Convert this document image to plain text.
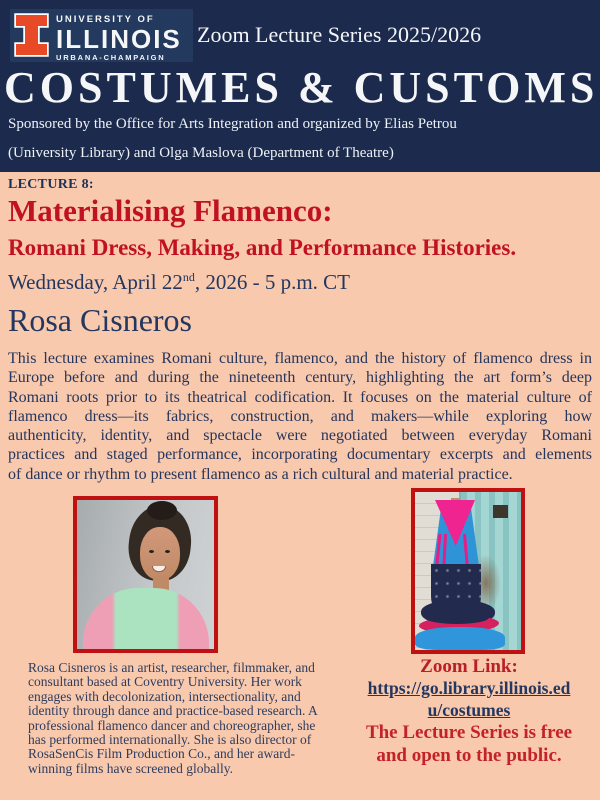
UNIVERSITY OF
ILLINOIS
URBANA-CHAMPAIGN
Zoom Lecture Series 2025/2026
COSTUMES & CUSTOMS
Sponsored by the Office for Arts Integration and organized by Elias Petrou
(University Library) and Olga Maslova (Department of Theatre)
LECTURE 8:
Materialising Flamenco:
Romani Dress, Making, and Performance Histories.
Wednesday, April 22nd, 2026 - 5 p.m. CT
Rosa Cisneros
This lecture examines Romani culture, flamenco, and the history of flamenco dress in
Europe before and during the nineteenth century, highlighting the art form’s deep
Romani roots prior to its theatrical codification. It focuses on the material culture of
flamenco dress—its fabrics, construction, and makers—while exploring how
authenticity, identity, and spectacle were negotiated between everyday Romani
practices and staged performance, incorporating documentary excerpts and elements
of dance or rhythm to present flamenco as a rich cultural and material practice.
Rosa Cisneros is an artist, researcher, filmmaker, and
consultant based at Coventry University. Her work
engages with decolonization, intersectionality, and
identity through dance and practice-based research. A
professional flamenco dancer and choreographer, she
has performed internationally. She is also director of
RosaSenCis Film Production Co., and her award-
winning films have screened globally.
Zoom Link:
https://go.library.illinois.ed
u/costumes
The Lecture Series is free
and open to the public.
